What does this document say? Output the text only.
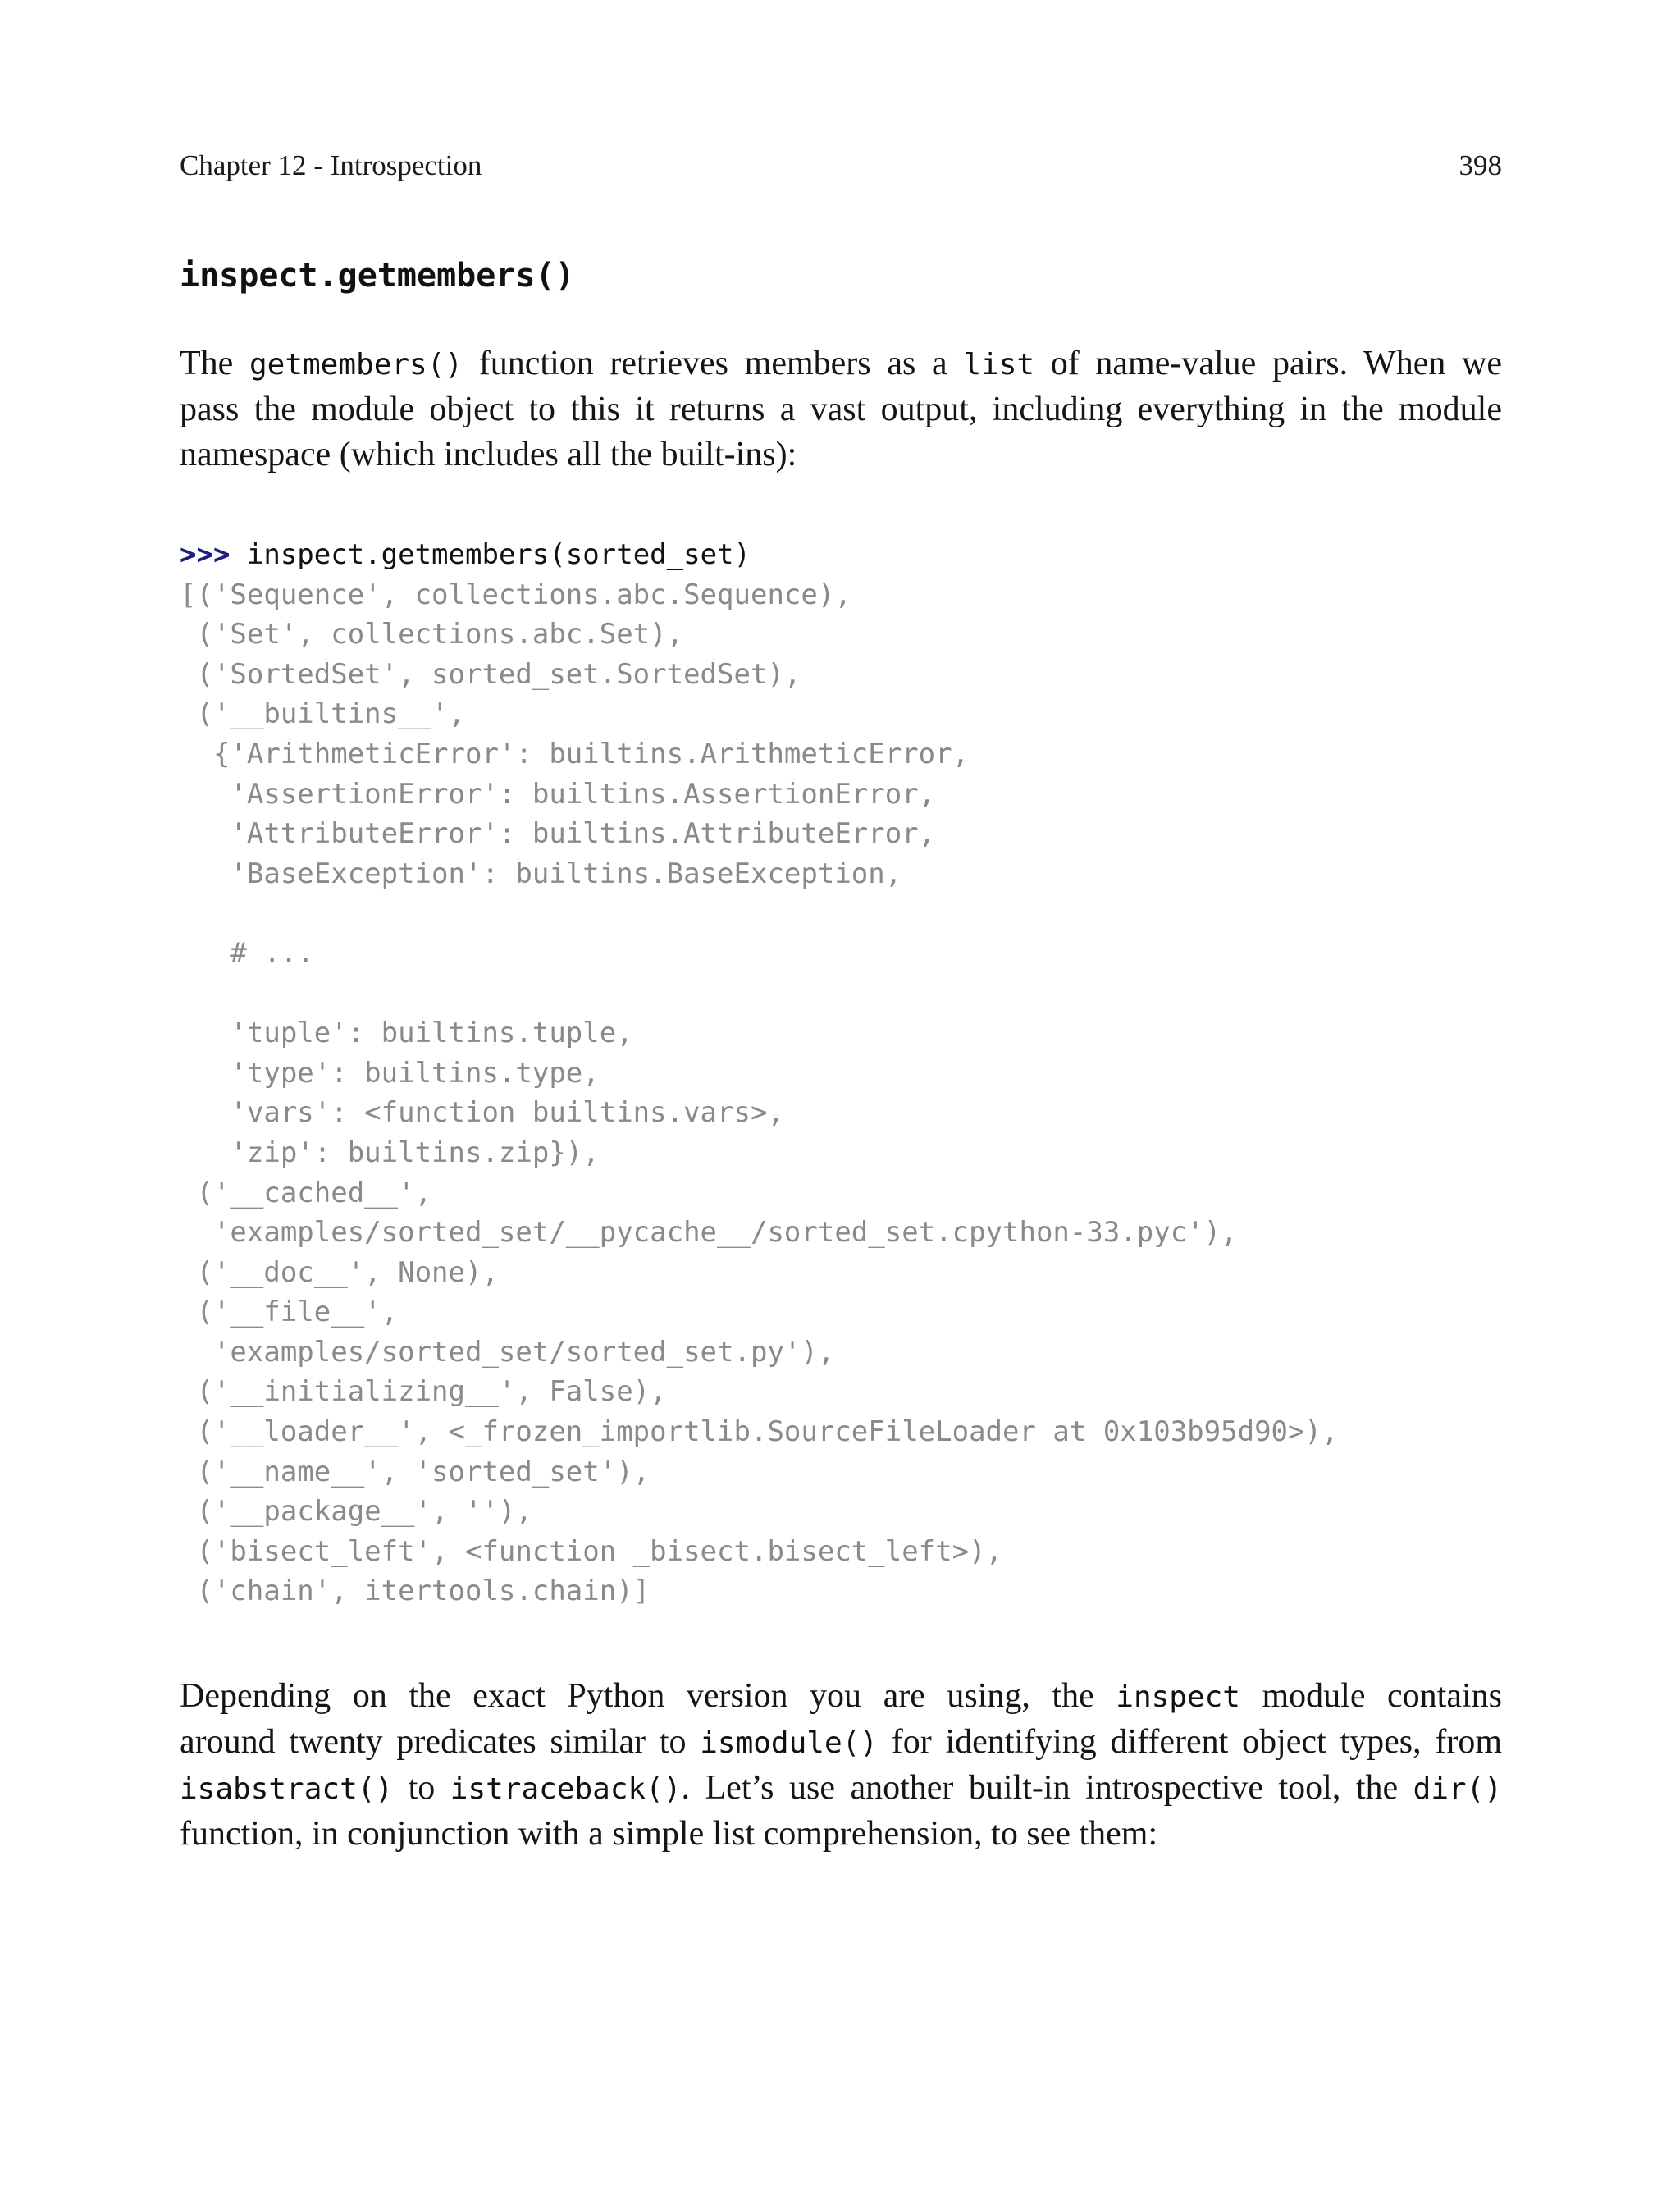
Chapter 12 - Introspection	398
inspect.getmembers()

The getmembers() function retrieves members as a list of name-value pairs. When we
pass the module object to this it returns a vast output, including everything in the module
namespace (which includes all the built-ins):

>>> inspect.getmembers(sorted_set)
[('Sequence', collections.abc.Sequence),
('Set', collections.abc.Set),
('SortedSet', sorted_set.SortedSet),
('__builtins__',
{'ArithmeticError': builtins.ArithmeticError,
'AssertionError': builtins.AssertionError,
'AttributeError': builtins.AttributeError,
'BaseException': builtins.BaseException,
# ...
'tuple': builtins.tuple,
'type': builtins.type,
'vars': <function builtins.vars>,
'zip': builtins.zip}),
('__cached__',
'examples/sorted_set/__pycache__/sorted_set.cpython-33.pyc'),
('__doc__', None),
('__file__',
'examples/sorted_set/sorted_set.py'),
('__initializing__', False),
('__loader__', <_frozen_importlib.SourceFileLoader at 0x103b95d90>),
('__name__', 'sorted_set'),
('__package__', ''),
('bisect_left', <function _bisect.bisect_left>),
('chain', itertools.chain)]

Depending on the exact Python version you are using, the inspect module contains
around twenty predicates similar to ismodule() for identifying different object types, from
isabstract() to istraceback(). Let’s use another built-in introspective tool, the dir()
function, in conjunction with a simple list comprehension, to see them:
